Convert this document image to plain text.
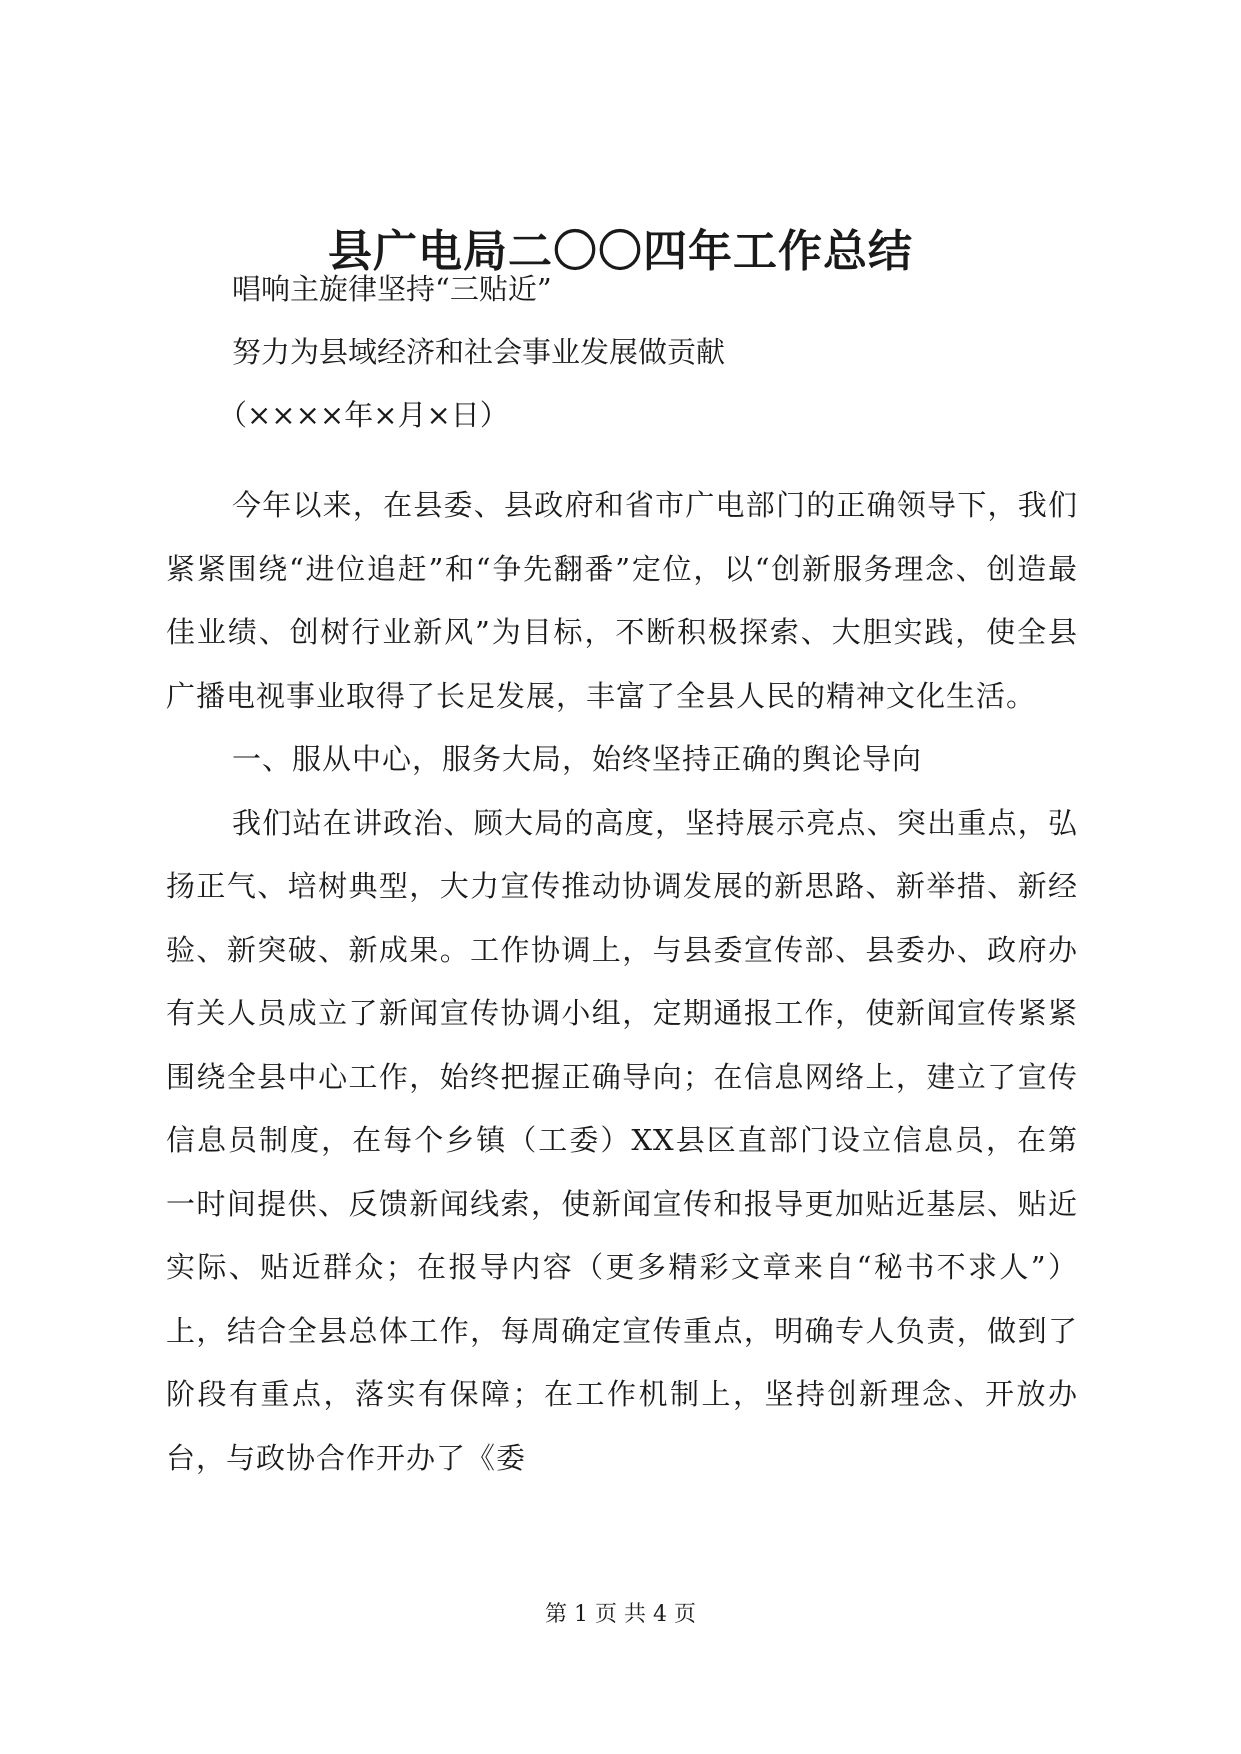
县广电局二〇〇四年工作总结
唱响主旋律坚持“三贴近”
努力为县域经济和社会事业发展做贡献
（××××年×月×日）

今年以来，在县委、县政府和省市广电部门的正确领导下，我们紧紧围绕“进位追赶”和“争先翻番”定位，以“创新服务理念、创造最佳业绩、创树行业新风”为目标，不断积极探索、大胆实践，使全县广播电视事业取得了长足发展，丰富了全县人民的精神文化生活。

一、服从中心，服务大局，始终坚持正确的舆论导向

我们站在讲政治、顾大局的高度，坚持展示亮点、突出重点，弘扬正气、培树典型，大力宣传推动协调发展的新思路、新举措、新经验、新突破、新成果。工作协调上，与县委宣传部、县委办、政府办有关人员成立了新闻宣传协调小组，定期通报工作，使新闻宣传紧紧围绕全县中心工作，始终把握正确导向；在信息网络上，建立了宣传信息员制度，在每个乡镇（工委）XX县区直部门设立信息员，在第一时间提供、反馈新闻线索，使新闻宣传和报导更加贴近基层、贴近实际、贴近群众；在报导内容（更多精彩文章来自“秘书不求人”）上，结合全县总体工作，每周确定宣传重点，明确专人负责，做到了阶段有重点，落实有保障；在工作机制上，坚持创新理念、开放办台，与政协合作开办了《委

第 1 页 共 4 页
